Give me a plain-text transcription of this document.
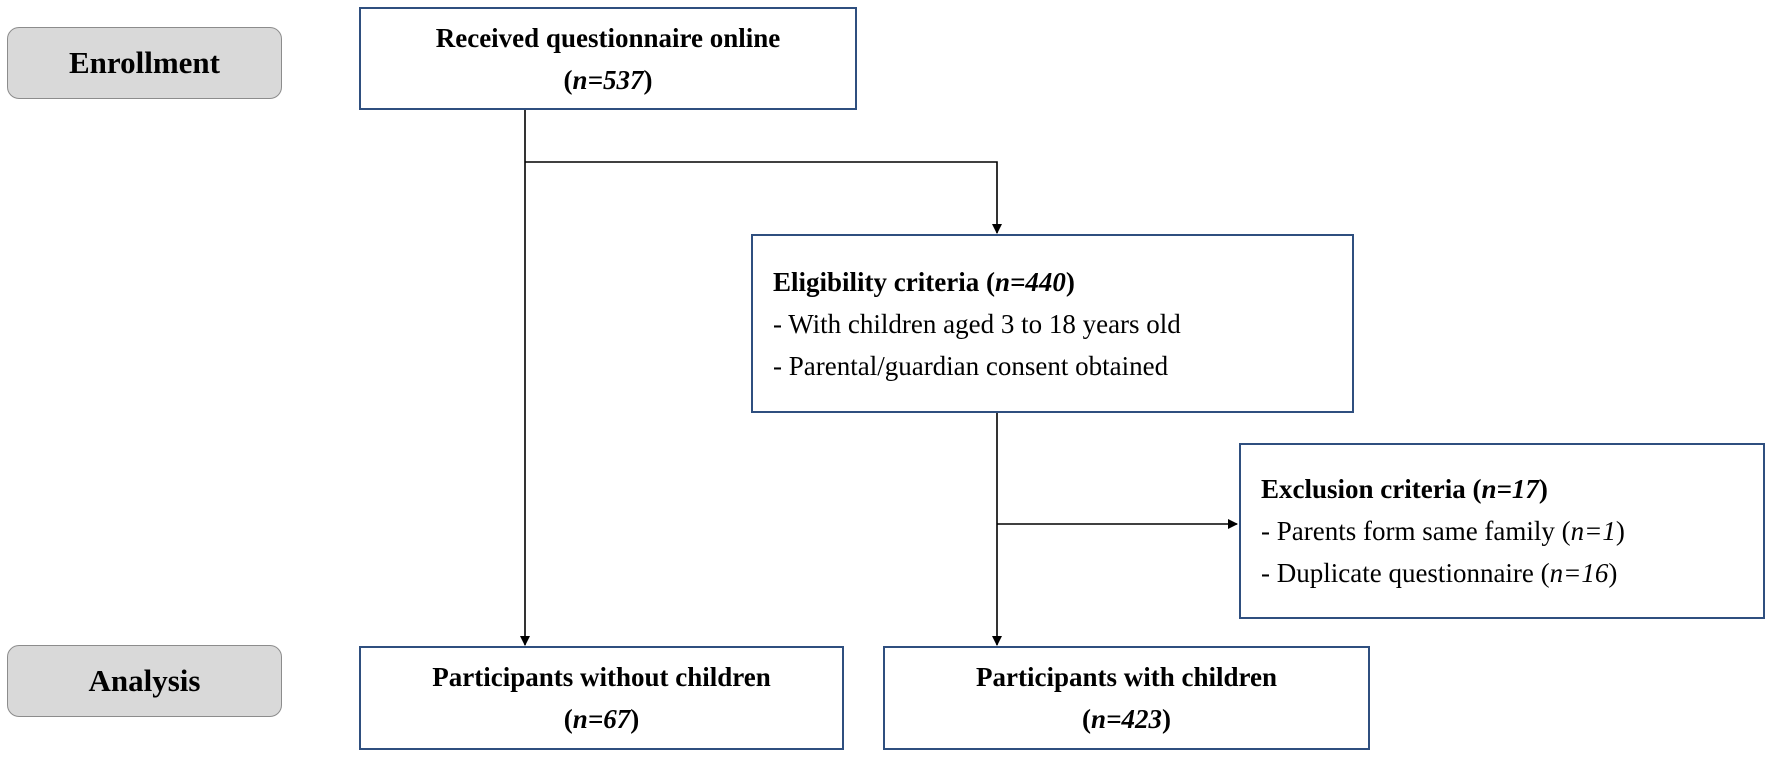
Enrollment
Analysis
Received questionnaire online
(n=537)
Eligibility criteria (n=440)
- With children aged 3 to 18 years old
- Parental/guardian consent obtained
Exclusion criteria (n=17)
- Parents form same family (n=1)
- Duplicate questionnaire (n=16)
Participants without children
(n=67)
Participants with children
(n=423)
